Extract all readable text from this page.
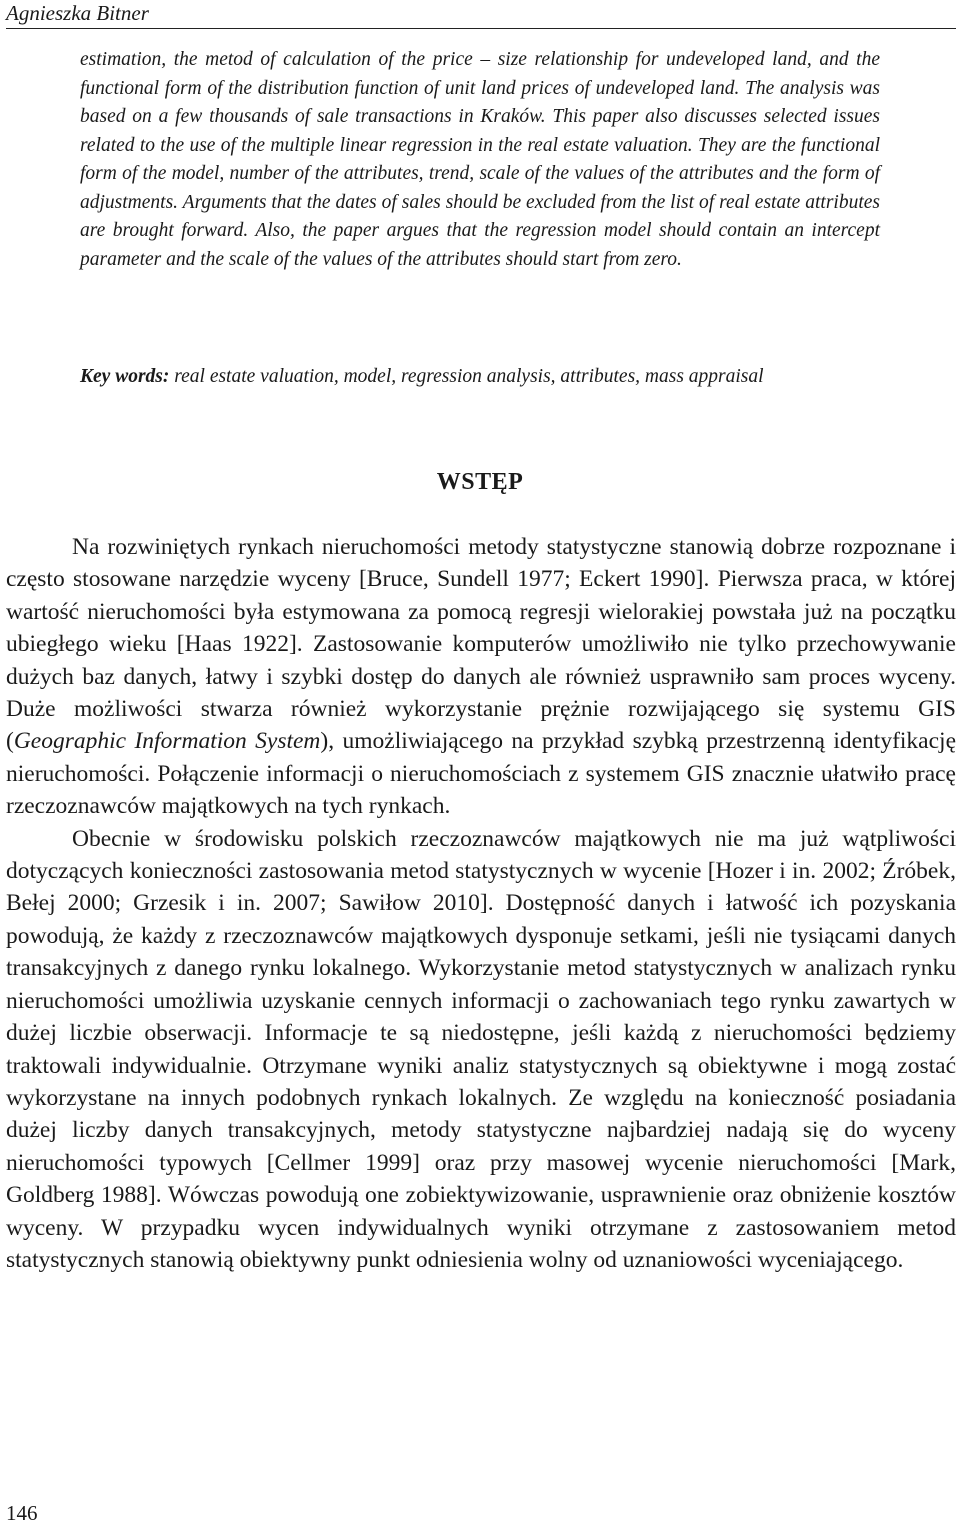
Agnieszka Bitner

estimation, the metod of calculation of the price – size relationship for undeveloped land, and the functional form of the distribution function of unit land prices of undeveloped land. The analysis was based on a few thousands of sale transactions in Kraków. This paper also discusses selected issues related to the use of the multiple linear regression in the real estate valuation. They are the functional form of the model, number of the attributes, trend, scale of the values of the attributes and the form of adjustments. Arguments that the dates of sales should be excluded from the list of real estate attributes are brought forward. Also, the paper argues that the regression model should contain an intercept parameter and the scale of the values of the attributes should start from zero.

Key words: real estate valuation, model, regression analysis, attributes, mass appraisal

WSTĘP

Na rozwiniętych rynkach nieruchomości metody statystyczne stanowią dobrze rozpoznane i często stosowane narzędzie wyceny [Bruce, Sundell 1977; Eckert 1990]. Pierwsza praca, w której wartość nieruchomości była estymowana za pomocą regresji wielorakiej powstała już na początku ubiegłego wieku [Haas 1922]. Zastosowanie komputerów umożliwiło nie tylko przechowywanie dużych baz danych, łatwy i szybki dostęp do danych ale również usprawniło sam proces wyceny. Duże możliwości stwarza również wykorzystanie prężnie rozwijającego się systemu GIS (Geographic Information System), umożliwiającego na przykład szybką przestrzenną identyfikację nieruchomości. Połączenie informacji o nieruchomościach z systemem GIS znacznie ułatwiło pracę rzeczoznawców majątkowych na tych rynkach.

Obecnie w środowisku polskich rzeczoznawców majątkowych nie ma już wątpliwości dotyczących konieczności zastosowania metod statystycznych w wycenie [Hozer i in. 2002; Źróbek, Bełej 2000; Grzesik i in. 2007; Sawiłow 2010]. Dostępność danych i łatwość ich pozyskania powodują, że każdy z rzeczoznawców majątkowych dysponuje setkami, jeśli nie tysiącami danych transakcyjnych z danego rynku lokalnego. Wykorzystanie metod statystycznych w analizach rynku nieruchomości umożliwia uzyskanie cennych informacji o zachowaniach tego rynku zawartych w dużej liczbie obserwacji. Informacje te są niedostępne, jeśli każdą z nieruchomości będziemy traktowali indywidualnie. Otrzymane wyniki analiz statystycznych są obiektywne i mogą zostać wykorzystane na innych podobnych rynkach lokalnych. Ze względu na konieczność posiadania dużej liczby danych transakcyjnych, metody statystyczne najbardziej nadają się do wyceny nieruchomości typowych [Cellmer 1999] oraz przy masowej wycenie nieruchomości [Mark, Goldberg 1988]. Wówczas powodują one zobiektywizowanie, usprawnienie oraz obniżenie kosztów wyceny. W przypadku wycen indywidualnych wyniki otrzymane z zastosowaniem metod statystycznych stanowią obiektywny punkt odniesienia wolny od uznaniowości wyceniającego.

146
